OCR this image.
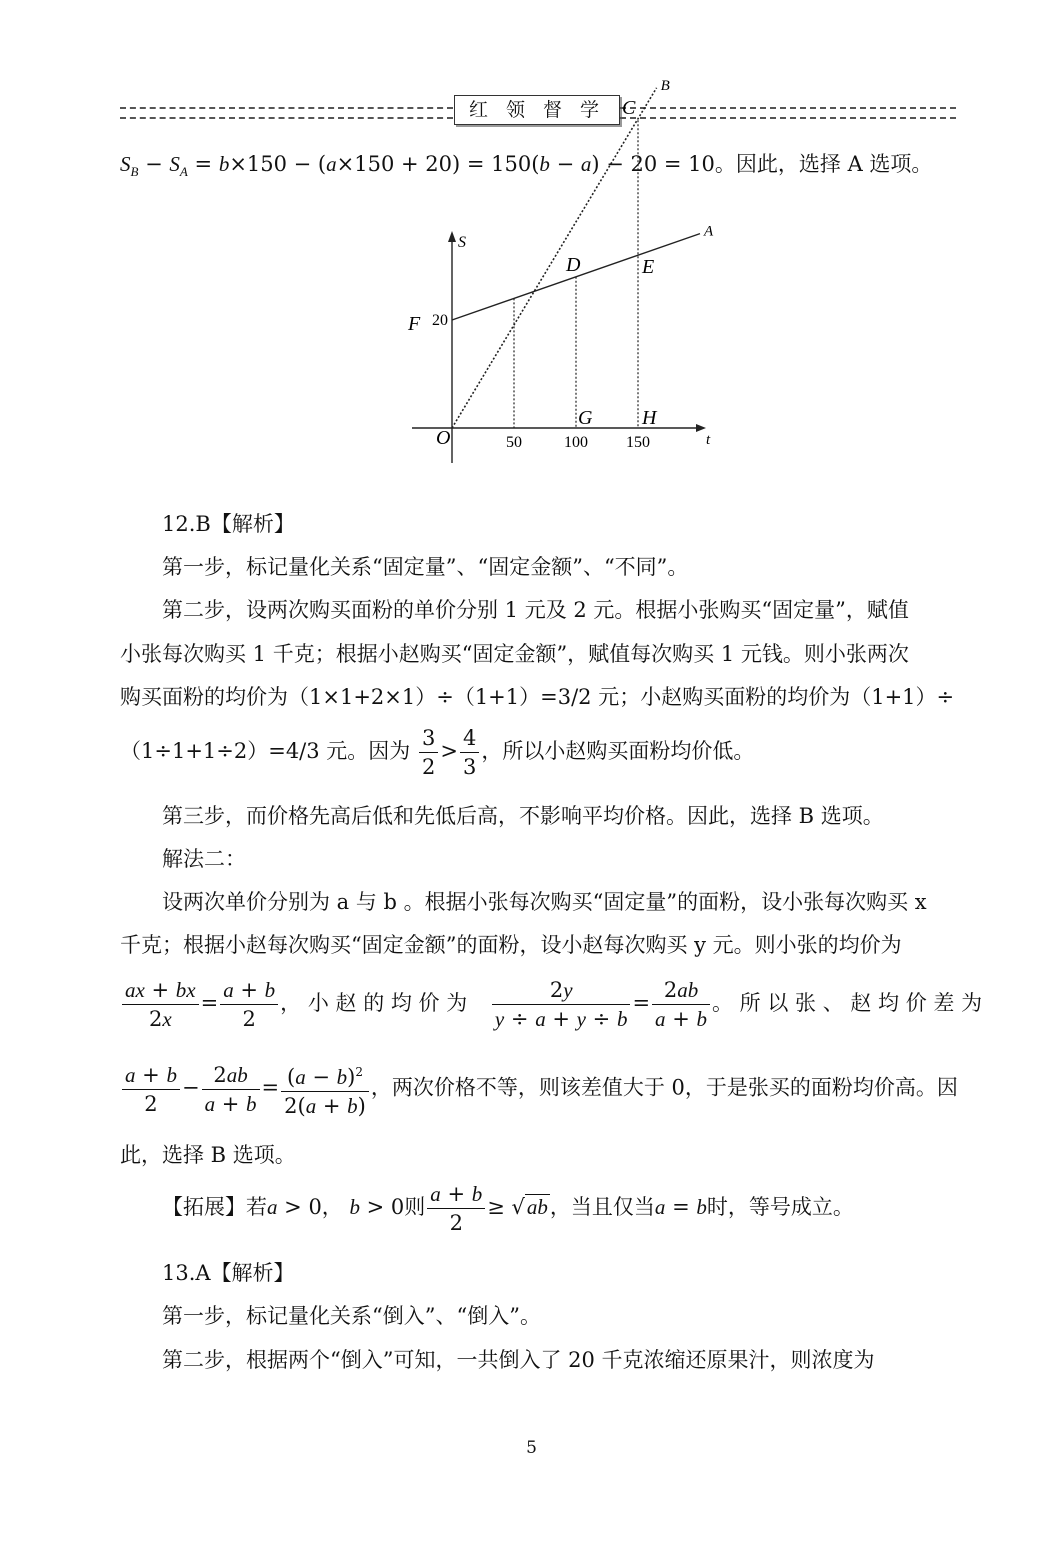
红 领 督 学
$S_B - S_A = b\times 150 - (a\times 150 + 20) = 150(b - a) - 20 = 10$。因此，选择 A 选项。
t
S
50	100 150
20
A
B
O
F
D	E
C
G H
12.B【解析】
第一步，标记量化关系“固定量”、“固定金额”、“不同”。
第二步，设两次购买面粉的单价分别 1 元及 2 元。根据小张购买“固定量”，赋值
小张每次购买 1 千克；根据小赵购买“固定金额”，赋值每次购买 1 元钱。则小张两次
购买面粉的均价为（1×1+2×1）÷（1+1）=3/2 元；小赵购买面粉的均价为（1+1）÷
（1÷1+1÷2）=4/3 元。因为 $\frac{3}{2} > \frac{4}{3}$ ，所以小赵购买面粉均价低。
第三步，而价格先高后低和先低后高，不影响平均价格。因此，选择 B 选项。
解法二：
设两次单价分别为 a 与 b 。根据小张每次购买“固定量”的面粉，设小张每次购买 x
千克；根据小赵每次购买“固定金额”的面粉，设小赵每次购买 y 元。则小张的均价为
$\frac{ax + bx}{2x} = \frac{a + b}{2}$ ， 小 赵 的 均 价 为 $\frac{2y}{y \div a + y \div b} = \frac{2ab}{a + b}$ 。 所 以 张 、 赵 均 价 差 为
$\frac{a + b}{2} - \frac{2ab}{a + b} = \frac{(a - b)^2}{2(a + b)}$ ，两次价格不等，则该差值大于 0，于是张买的面粉均价高。因
此，选择 B 选项。
【拓展】若a > 0， b > 0则 $\frac{a + b}{2} \ge √ab$，当且仅当a = b时，等号成立。
13.A【解析】
第一步，标记量化关系“倒入”、“倒入”。
第二步，根据两个“倒入”可知，一共倒入了 20 千克浓缩还原果汁，则浓度为
5
